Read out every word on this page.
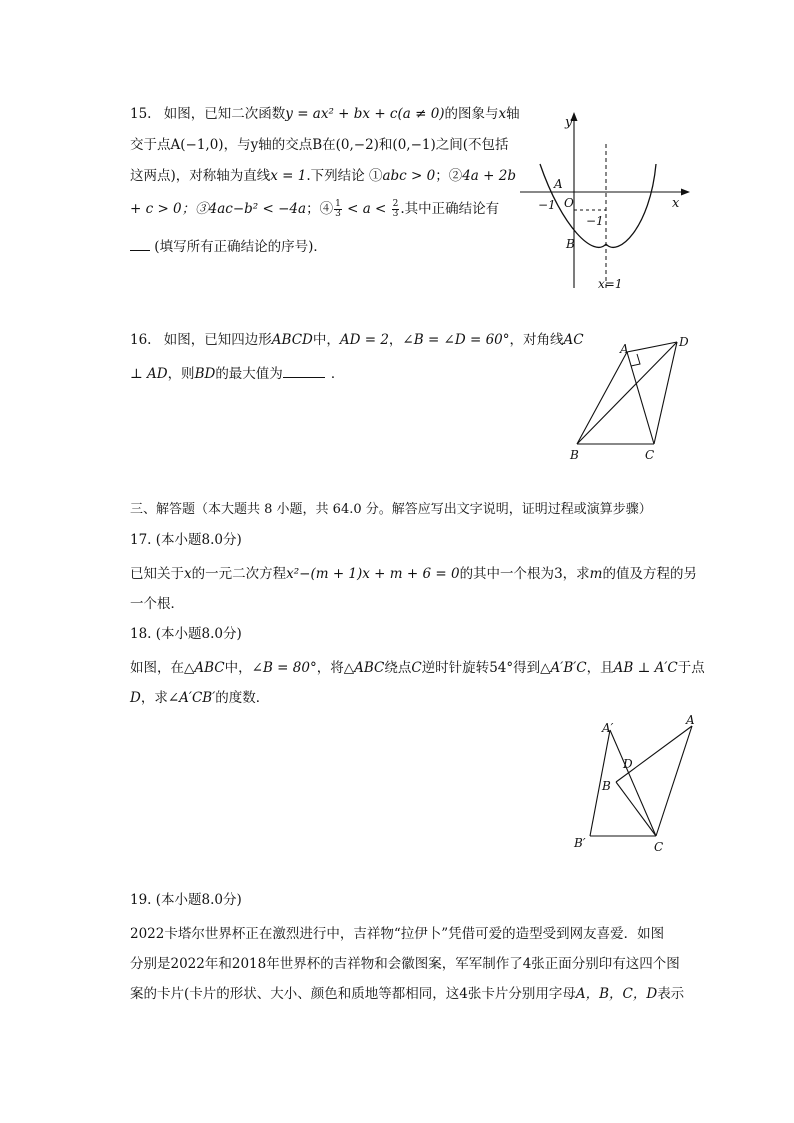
15. 如图，已知二次函数y = ax² + bx + c(a ≠ 0)的图象与x轴
交于点A(−1,0)，与y轴的交点B在(0,−2)和(0,−1)之间(不包括
这两点)，对称轴为直线x = 1.下列结论 ①abc > 0；②4a + 2b
+ c > 0；③4ac−b² < −4a；④ $\frac{1}{3} < a < \frac{2}{3}$ .其中正确结论有
(填写所有正确结论的序号)．
y
x
A
−1 O
−1
B
x=1
16. 如图，已知四边形ABCD中，AD = 2，∠B = ∠D = 60°，对角线AC
⊥ AD，则BD的最大值为	．
A	D
B	C
三、解答题（本大题共 8 小题，共 64.0 分。解答应写出文字说明，证明过程或演算步骤）
17. (本小题8.0分)
已知关于x的一元二次方程x²−(m + 1)x + m + 6 = 0的其中一个根为3，求m的值及方程的另
一个根．
18. (本小题8.0分)
如图，在△ABC中，∠B = 80°，将△ABC绕点C逆时针旋转54°得到△A′B′C，且AB ⊥ A′C于点
D，求∠A′CB′的度数．
A′
A
D
B
B′	C
19. (本小题8.0分)
2022卡塔尔世界杯正在激烈进行中，吉祥物“拉伊卜”凭借可爱的造型受到网友喜爱．如图
分别是2022年和2018年世界杯的吉祥物和会徽图案，军军制作了4张正面分别印有这四个图
案的卡片(卡片的形状、大小、颜色和质地等都相同，这4张卡片分别用字母A，B，C，D表示
